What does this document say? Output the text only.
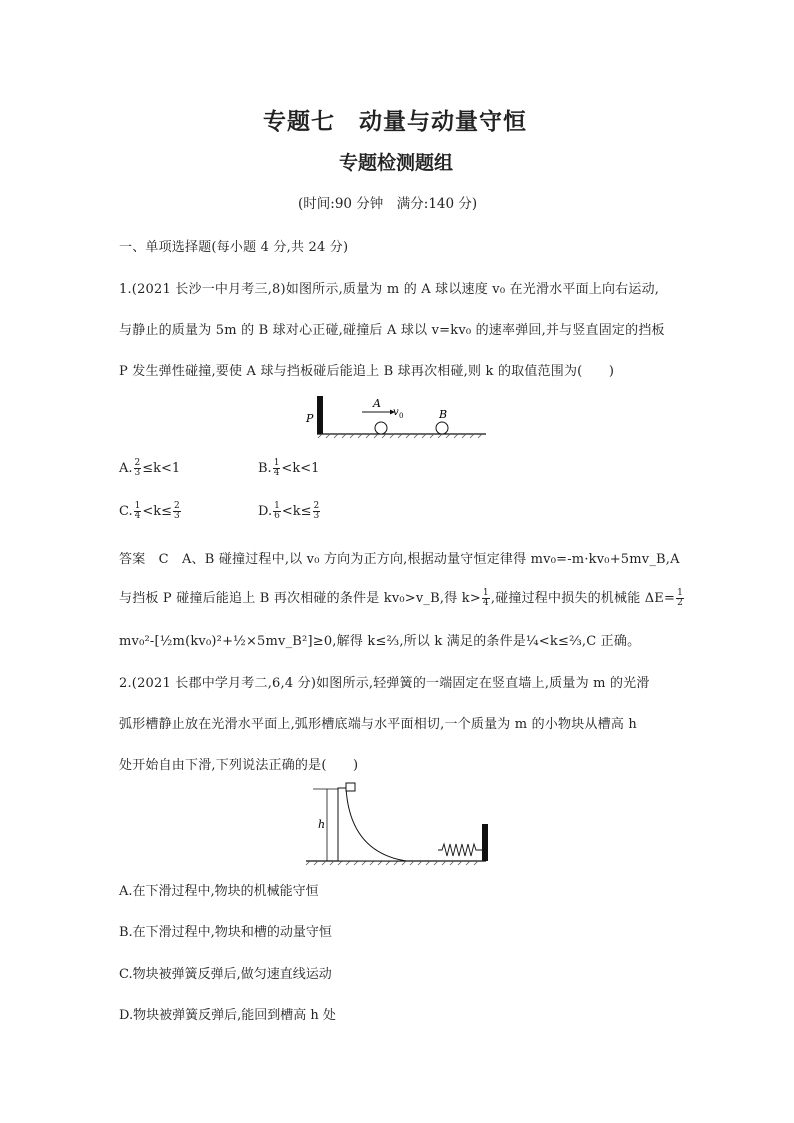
专题七　动量与动量守恒
专题检测题组
(时间:90 分钟　满分:140 分)
一、单项选择题(每小题 4 分,共 24 分)
1.(2021 长沙一中月考三,8)如图所示,质量为 m 的 A 球以速度 v₀ 在光滑水平面上向右运动,
与静止的质量为 5m 的 B 球对心正碰,碰撞后 A 球以 v=kv₀ 的速率弹回,并与竖直固定的挡板
P 发生弹性碰撞,要使 A 球与挡板碰后能追上 B 球再次相碰,则 k 的取值范围为(　　)
P
A
B
v 0
A. $\frac{2}{3} \le k<1$	B. $\frac{1}{4} <k<1$
C. $\frac{1}{4} <k\le \frac{2}{3}$	D. $\frac{1}{6} <k\le \frac{2}{3}$
答案　C　A、B 碰撞过程中,以 v₀ 方向为正方向,根据动量守恒定律得 mv₀=-m·kv₀+5mv_B,A
与挡板 P 碰撞后能追上 B 再次相碰的条件是 kv₀>v_B,得 $k> \frac{1}{4}$ ,碰撞过程中损失的机械能 $\Delta E= \frac{1}{2}$
mv₀²-[½m(kv₀)²+½×5mv_B²]≥0,解得 k≤⅔,所以 k 满足的条件是¼<k≤⅔,C 正确。
2.(2021 长郡中学月考二,6,4 分)如图所示,轻弹簧的一端固定在竖直墙上,质量为 m 的光滑
弧形槽静止放在光滑水平面上,弧形槽底端与水平面相切,一个质量为 m 的小物块从槽高 h
处开始自由下滑,下列说法正确的是(　　)
h
A.在下滑过程中,物块的机械能守恒
B.在下滑过程中,物块和槽的动量守恒
C.物块被弹簧反弹后,做匀速直线运动
D.物块被弹簧反弹后,能回到槽高 h 处
